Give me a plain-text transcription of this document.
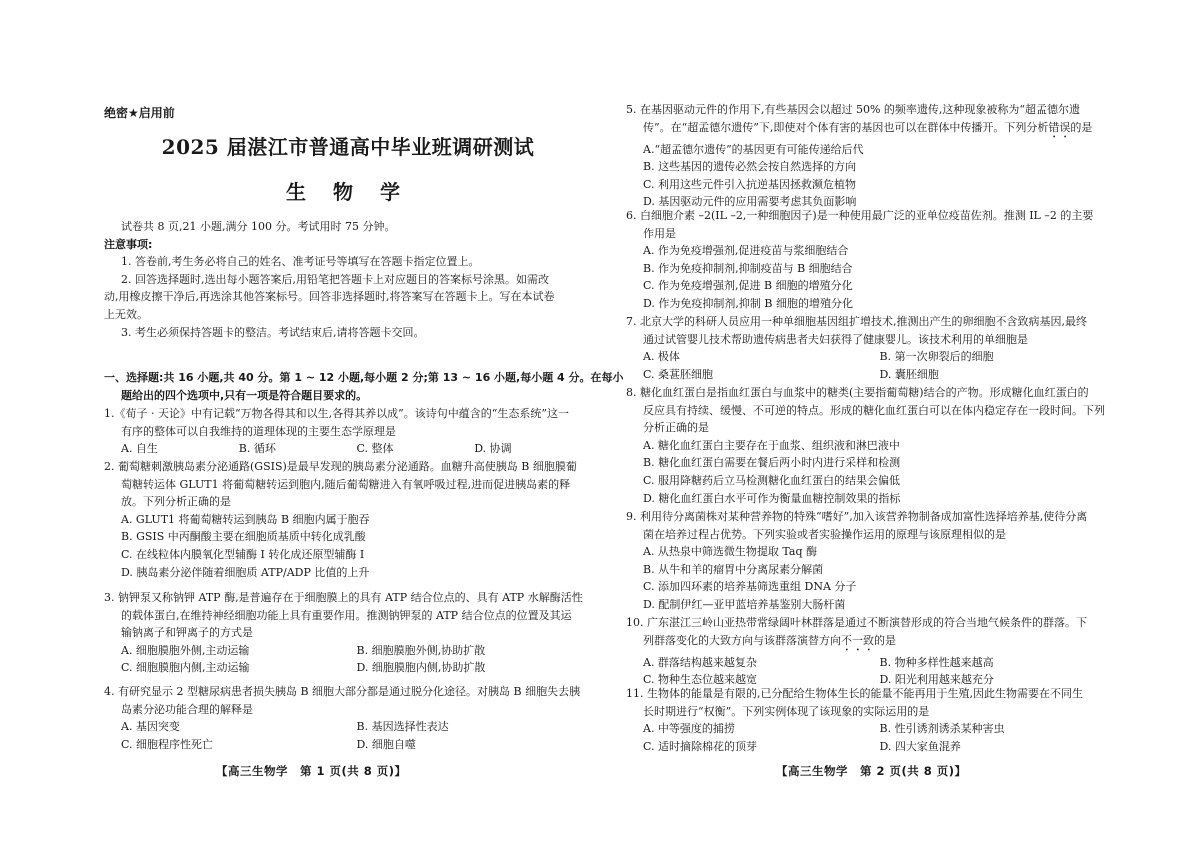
绝密★启用前
2025 届湛江市普通高中毕业班调研测试
生 物 学

试卷共 8 页,21 小题,满分 100 分。考试用时 75 分钟。

注意事项:

1. 答卷前,考生务必将自己的姓名、准考证号等填写在答题卡指定位置上。

2. 回答选择题时,选出每小题答案后,用铅笔把答题卡上对应题目的答案标号涂黑。如需改

动,用橡皮擦干净后,再选涂其他答案标号。回答非选择题时,将答案写在答题卡上。写在本试卷

上无效。

3. 考生必须保持答题卡的整洁。考试结束后,请将答题卡交回。

一、选择题:共 16 小题,共 40 分。第 1 ~ 12 小题,每小题 2 分;第 13 ~ 16 小题,每小题 4 分。在每小

题给出的四个选项中,只有一项是符合题目要求的。

1.《荀子 · 天论》中有记载“万物各得其和以生,各得其养以成”。该诗句中蕴含的“生态系统”这一

有序的整体可以自我维持的道理体现的主要生态学原理是

A. 自生	B. 循环	C. 整体	D. 协调

2. 葡萄糖刺激胰岛素分泌通路(GSIS)是最早发现的胰岛素分泌通路。血糖升高使胰岛 B 细胞膜葡

萄糖转运体 GLUT1 将葡萄糖转运到胞内,随后葡萄糖进入有氧呼吸过程,进而促进胰岛素的释

放。下列分析正确的是

A. GLUT1 将葡萄糖转运到胰岛 B 细胞内属于胞吞

B. GSIS 中丙酮酸主要在细胞质基质中转化成乳酸

C. 在线粒体内膜氧化型辅酶 Ⅰ 转化成还原型辅酶 Ⅰ

D. 胰岛素分泌伴随着细胞质 ATP/ADP 比值的上升

3. 钠钾泵又称钠钾 ATP 酶,是普遍存在于细胞膜上的具有 ATP 结合位点的、具有 ATP 水解酶活性

的载体蛋白,在维持神经细胞功能上具有重要作用。推测钠钾泵的 ATP 结合位点的位置及其运

输钠离子和钾离子的方式是

A. 细胞膜胞外侧,主动运输	B. 细胞膜胞外侧,协助扩散

C. 细胞膜胞内侧,主动运输	D. 细胞膜胞内侧,协助扩散

4. 有研究显示 2 型糖尿病患者损失胰岛 B 细胞大部分都是通过脱分化途径。对胰岛 B 细胞失去胰

岛素分泌功能合理的解释是

A. 基因突变	B. 基因选择性表达

C. 细胞程序性死亡	D. 细胞自噬

【高三生物学　第 1 页(共 8 页)】

5. 在基因驱动元件的作用下,有些基因会以超过 50% 的频率遗传,这种现象被称为“超孟德尔遗

传”。在“超孟德尔遗传”下,即使对个体有害的基因也可以在群体中传播开。下列分析错误的是

A.“超孟德尔遗传”的基因更有可能传递给后代

B. 这些基因的遗传必然会按自然选择的方向

C. 利用这些元件引入抗逆基因拯救濒危植物

D. 基因驱动元件的应用需要考虑其负面影响

6. 白细胞介素 –2(IL –2,一种细胞因子)是一种使用最广泛的亚单位疫苗佐剂。推测 IL –2 的主要

作用是

A. 作为免疫增强剂,促进疫苗与浆细胞结合

B. 作为免疫抑制剂,抑制疫苗与 B 细胞结合

C. 作为免疫增强剂,促进 B 细胞的增殖分化

D. 作为免疫抑制剂,抑制 B 细胞的增殖分化

7. 北京大学的科研人员应用一种单细胞基因组扩增技术,推测出产生的卵细胞不含致病基因,最终

通过试管婴儿技术帮助遗传病患者夫妇获得了健康婴儿。该技术利用的单细胞是

A. 极体	B. 第一次卵裂后的细胞

C. 桑葚胚细胞	D. 囊胚细胞

8. 糖化血红蛋白是指血红蛋白与血浆中的糖类(主要指葡萄糖)结合的产物。形成糖化血红蛋白的

反应具有持续、缓慢、不可逆的特点。形成的糖化血红蛋白可以在体内稳定存在一段时间。下列

分析正确的是

A. 糖化血红蛋白主要存在于血浆、组织液和淋巴液中

B. 糖化血红蛋白需要在餐后两小时内进行采样和检测

C. 服用降糖药后立马检测糖化血红蛋白的结果会偏低

D. 糖化血红蛋白水平可作为衡量血糖控制效果的指标

9. 利用待分离菌株对某种营养物的特殊“嗜好”,加入该营养物制备成加富性选择培养基,使待分离

菌在培养过程占优势。下列实验或者实验操作运用的原理与该原理相似的是

A. 从热泉中筛选微生物提取 Taq 酶

B. 从牛和羊的瘤胃中分离尿素分解菌

C. 添加四环素的培养基筛选重组 DNA 分子

D. 配制伊红—亚甲蓝培养基鉴别大肠杆菌

10. 广东湛江三岭山亚热带常绿阔叶林群落是通过不断演替形成的符合当地气候条件的群落。下

列群落变化的大致方向与该群落演替方向不一致的是

A. 群落结构越来越复杂	B. 物种多样性越来越高

C. 物种生态位越来越宽	D. 阳光利用越来越充分

11. 生物体的能量是有限的,已分配给生物体生长的能量不能再用于生殖,因此生物需要在不同生

长时期进行“权衡”。下列实例体现了该现象的实际运用的是

A. 中等强度的捕捞	B. 性引诱剂诱杀某种害虫

C. 适时摘除棉花的顶芽	D. 四大家鱼混养

【高三生物学　第 2 页(共 8 页)】
